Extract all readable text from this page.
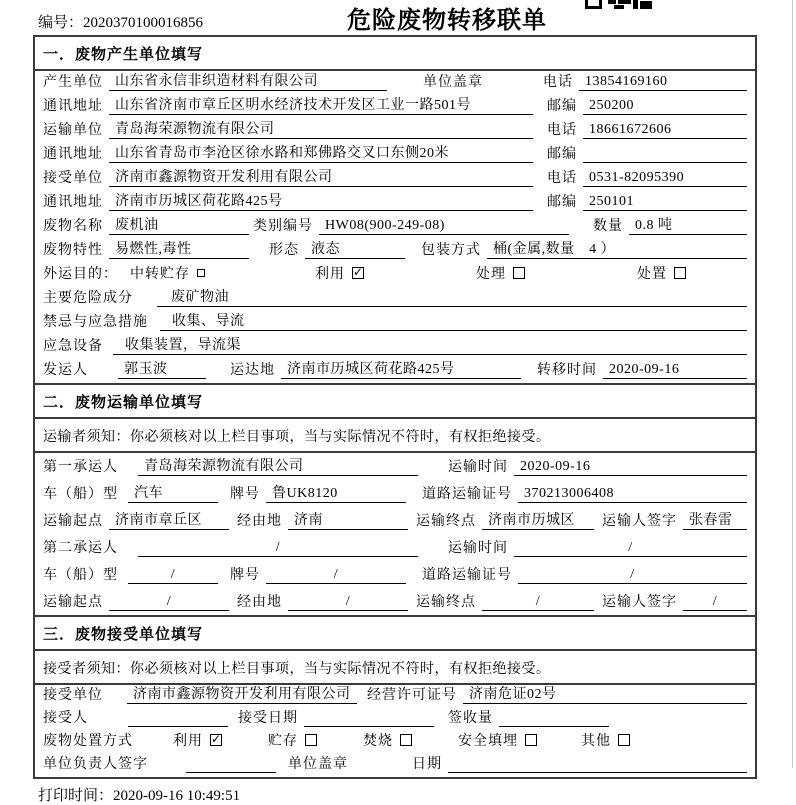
编号：2020370100016856	危险废物转移联单
一．废物产生单位填写
产生单位 山东省永信非织造材料有限公司	单位盖章	电话 13854169160
通讯地址 山东省济南市章丘区明水经济技术开发区工业一路501号	邮编 250200
运输单位 青岛海荣源物流有限公司	电话 18661672606
通讯地址 山东省青岛市李沧区徐水路和郑佛路交叉口东侧20米	邮编
接受单位 济南市鑫源物资开发利用有限公司	电话 0531-82095390
通讯地址 济南市历城区荷花路425号	邮编 250101
废物名称 废机油	类别编号 HW08(900-249-08)	数量 0.8 吨
废物特性 易燃性,毒性	形态 液态	包装方式 桶(金属,数量　4 ）
外运目的： 中转贮存	利用 ✓	处理	处置
主要危险成分	废矿物油
禁忌与应急措施	收集、导流
应急设备	收集装置，导流渠
发运人	郭玉波	运达地 济南市历城区荷花路425号	转移时间 2020-09-16
二．废物运输单位填写
运输者须知：你必须核对以上栏目事项，当与实际情况不符时，有权拒绝接受。
第一承运人	青岛海荣源物流有限公司	运输时间 2020-09-16
车（船）型	汽车	牌号 鲁UK8120	道路运输证号 370213006408
运输起点 济南市章丘区	经由地 济南	运输终点 济南市历城区	运输人签字 张春雷
第二承运人	/	运输时间	/
车（船）型	/	牌号	/	道路运输证号	/
运输起点	/	经由地	/	运输终点	/	运输人签字	/
三．废物接受单位填写
接受者须知：你必须核对以上栏目事项，当与实际情况不符时，有权拒绝接受。
接受单位	济南市鑫源物资开发利用有限公司	经营许可证号 济南危证02号
接受人	接受日期	签收量
废物处置方式	利用 ✓	贮存	焚烧	安全填埋	其他
单位负责人签字	单位盖章	日期
打印时间：2020-09-16 10:49:51
